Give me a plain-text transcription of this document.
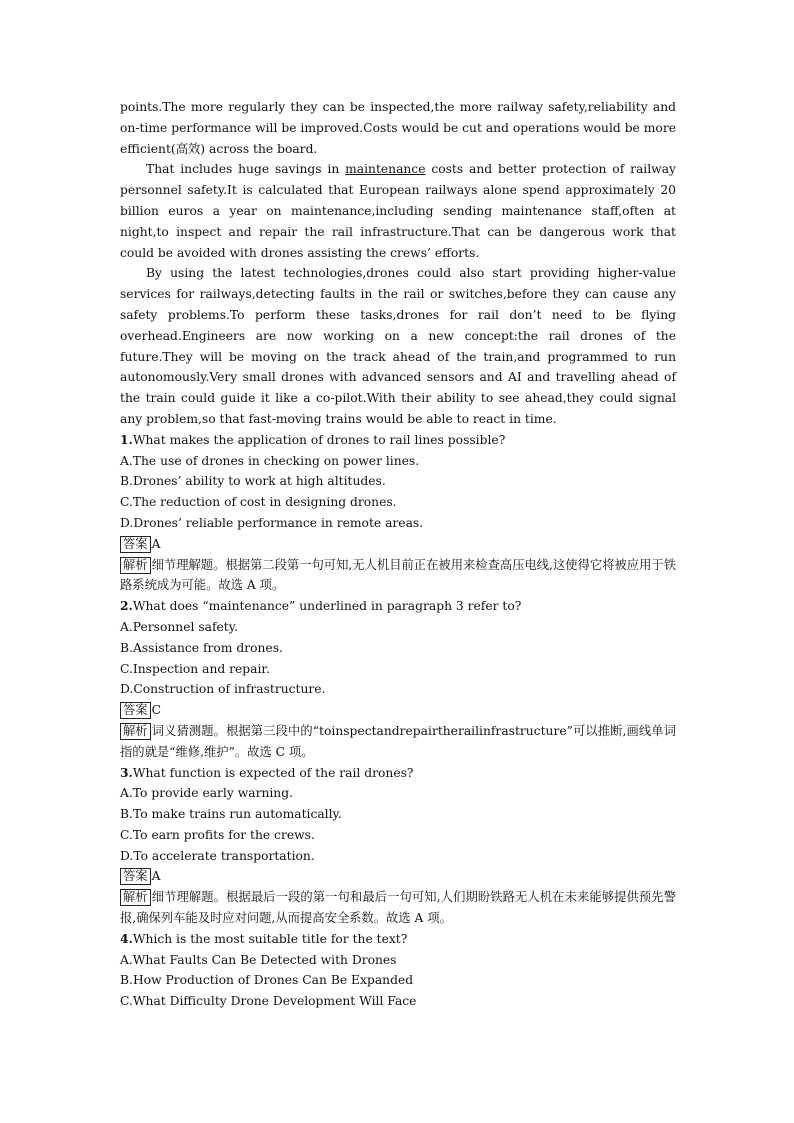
points.The more regularly they can be inspected,the more railway safety,reliability and on-time performance will be improved.Costs would be cut and operations would be more efficient(高效) across the board.

That includes huge savings in maintenance costs and better protection of railway personnel safety.It is calculated that European railways alone spend approximately 20 billion euros a year on maintenance,including sending maintenance staff,often at night,to inspect and repair the rail infrastructure.That can be dangerous work that could be avoided with drones assisting the crews’ efforts.

By using the latest technologies,drones could also start providing higher-value services for railways,detecting faults in the rail or switches,before they can cause any safety problems.To perform these tasks,drones for rail don’t need to be flying overhead.Engineers are now working on a new concept:the rail drones of the future.They will be moving on the track ahead of the train,and programmed to run autonomously.Very small drones with advanced sensors and AI and travelling ahead of the train could guide it like a co-pilot.With their ability to see ahead,they could signal any problem,so that fast-moving trains would be able to react in time.

1.What makes the application of drones to rail lines possible?

A.The use of drones in checking on power lines.

B.Drones’ ability to work at high altitudes.

C.The reduction of cost in designing drones.

D.Drones’ reliable performance in remote areas.

答案 A

解析 细节理解题。根据第二段第一句可知,无人机目前正在被用来检查高压电线,这使得它将被应用于铁路系统成为可能。故选 A 项。

2.What does “maintenance” underlined in paragraph 3 refer to?

A.Personnel safety.

B.Assistance from drones.

C.Inspection and repair.

D.Construction of infrastructure.

答案 C

解析 词义猜测题。根据第三段中的“toinspectandrepairtherailinfrastructure”可以推断,画线单词指的就是“维修,维护”。故选 C 项。

3.What function is expected of the rail drones?

A.To provide early warning.

B.To make trains run automatically.

C.To earn profits for the crews.

D.To accelerate transportation.

答案 A

解析 细节理解题。根据最后一段的第一句和最后一句可知,人们期盼铁路无人机在未来能够提供预先警报,确保列车能及时应对问题,从而提高安全系数。故选 A 项。

4.Which is the most suitable title for the text?

A.What Faults Can Be Detected with Drones

B.How Production of Drones Can Be Expanded

C.What Difficulty Drone Development Will Face
